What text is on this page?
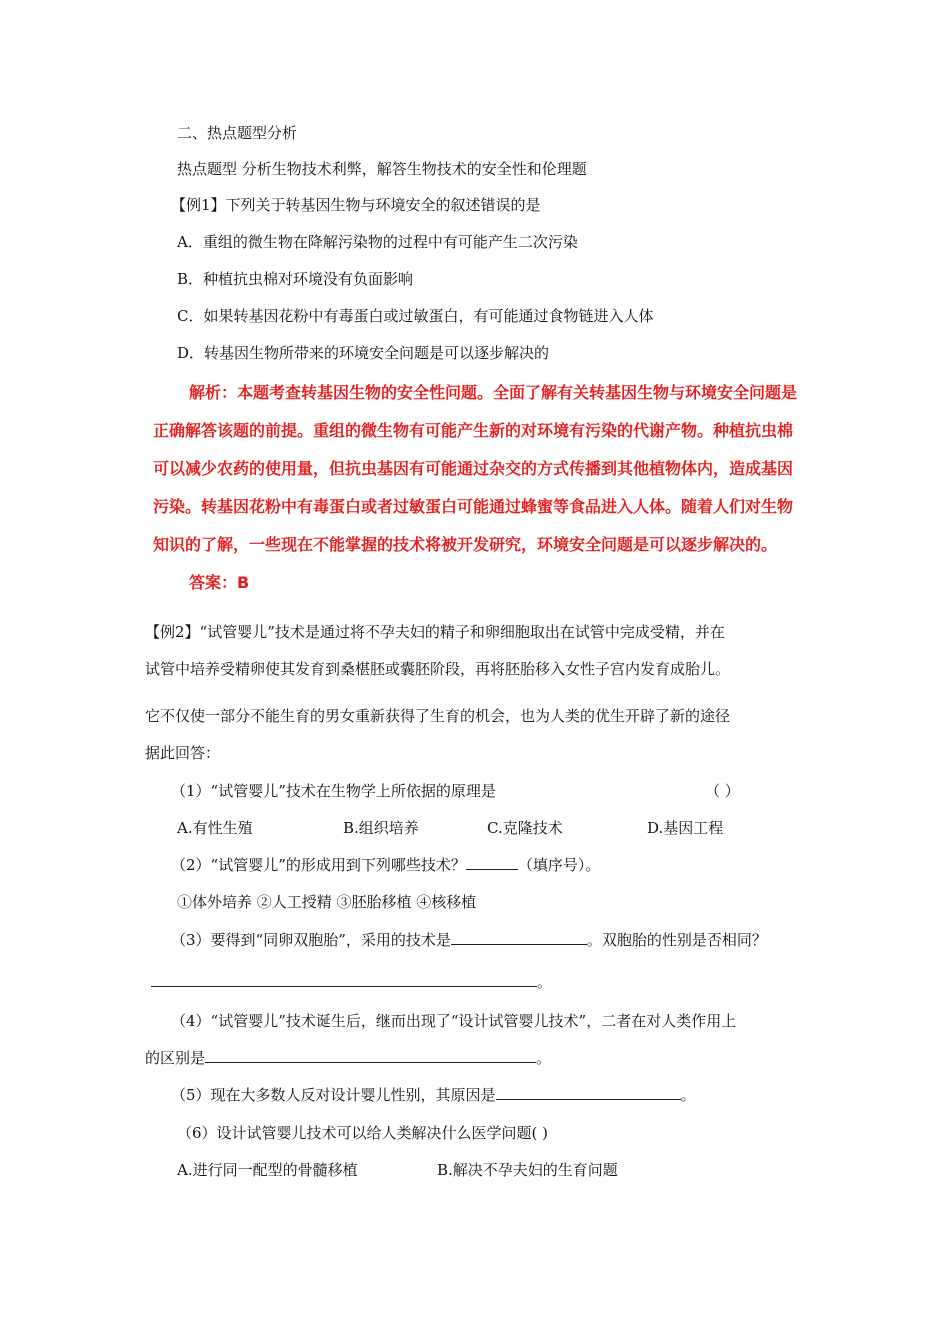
二、热点题型分析
热点题型 分析生物技术利弊，解答生物技术的安全性和伦理题
【例1】下列关于转基因生物与环境安全的叙述错误的是
A．重组的微生物在降解污染物的过程中有可能产生二次污染
B．种植抗虫棉对环境没有负面影响
C．如果转基因花粉中有毒蛋白或过敏蛋白，有可能通过食物链进入人体
D．转基因生物所带来的环境安全问题是可以逐步解决的
解析：本题考查转基因生物的安全性问题。全面了解有关转基因生物与环境安全问题是
正确解答该题的前提。重组的微生物有可能产生新的对环境有污染的代谢产物。种植抗虫棉
可以减少农药的使用量，但抗虫基因有可能通过杂交的方式传播到其他植物体内，造成基因
污染。转基因花粉中有毒蛋白或者过敏蛋白可能通过蜂蜜等食品进入人体。随着人们对生物
知识的了解，一些现在不能掌握的技术将被开发研究，环境安全问题是可以逐步解决的。
答案：B
【例2】“试管婴儿”技术是通过将不孕夫妇的精子和卵细胞取出在试管中完成受精，并在
试管中培养受精卵使其发育到桑椹胚或囊胚阶段，再将胚胎移入女性子宫内发育成胎儿。
它不仅使一部分不能生育的男女重新获得了生育的机会，也为人类的优生开辟了新的途径
据此回答：
（1）“试管婴儿”技术在生物学上所依据的原理是	（ ）
A.有性生殖	B.组织培养	C.克隆技术	D.基因工程
（2）“试管婴儿”的形成用到下列哪些技术？	（填序号）。
①体外培养 ②人工授精 ③胚胎移植 ④核移植
（3）要得到“同卵双胞胎”，采用的技术是	。双胞胎的性别是否相同？
。
（4）“试管婴儿”技术诞生后，继而出现了“设计试管婴儿技术”，二者在对人类作用上
的区别是	。
（5）现在大多数人反对设计婴儿性别，其原因是	。
（6）设计试管婴儿技术可以给人类解决什么医学问题( )
A.进行同一配型的骨髓移植	B.解决不孕夫妇的生育问题
